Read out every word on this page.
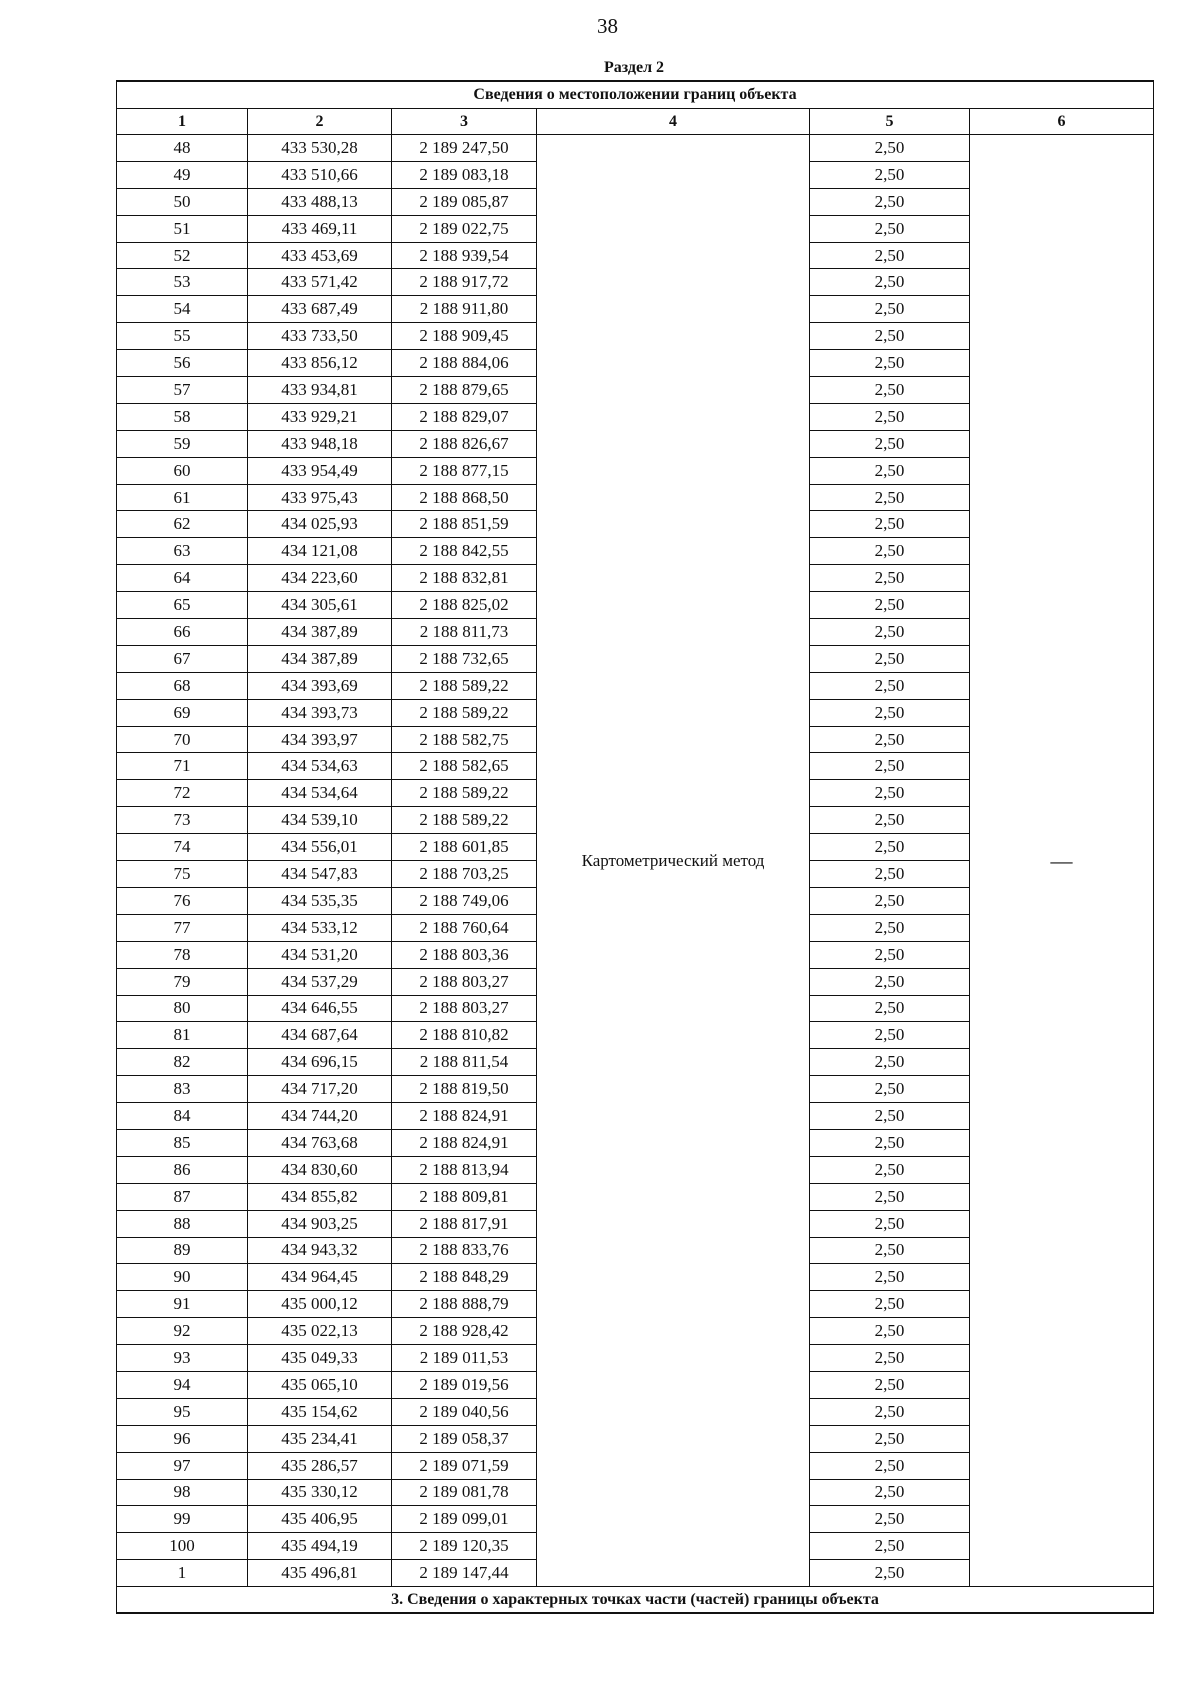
38
Раздел 2
Сведения о местоположении границ объекта					
1	2	3	4	5	6
48	433 530,28	2 189 247,50	Картометрический метод	2,50	—
49	433 510,66	2 189 083,18		2,50	
50	433 488,13	2 189 085,87		2,50	
51	433 469,11	2 189 022,75		2,50	
52	433 453,69	2 188 939,54		2,50	
53	433 571,42	2 188 917,72		2,50	
54	433 687,49	2 188 911,80		2,50	
55	433 733,50	2 188 909,45		2,50	
56	433 856,12	2 188 884,06		2,50	
57	433 934,81	2 188 879,65		2,50	
58	433 929,21	2 188 829,07		2,50	
59	433 948,18	2 188 826,67		2,50	
60	433 954,49	2 188 877,15		2,50	
61	433 975,43	2 188 868,50		2,50	
62	434 025,93	2 188 851,59		2,50	
63	434 121,08	2 188 842,55		2,50	
64	434 223,60	2 188 832,81		2,50	
65	434 305,61	2 188 825,02		2,50	
66	434 387,89	2 188 811,73		2,50	
67	434 387,89	2 188 732,65		2,50	
68	434 393,69	2 188 589,22		2,50	
69	434 393,73	2 188 589,22		2,50	
70	434 393,97	2 188 582,75		2,50	
71	434 534,63	2 188 582,65		2,50	
72	434 534,64	2 188 589,22		2,50	
73	434 539,10	2 188 589,22		2,50	
74	434 556,01	2 188 601,85		2,50	
75	434 547,83	2 188 703,25		2,50	
76	434 535,35	2 188 749,06		2,50	
77	434 533,12	2 188 760,64		2,50	
78	434 531,20	2 188 803,36		2,50	
79	434 537,29	2 188 803,27		2,50	
80	434 646,55	2 188 803,27		2,50	
81	434 687,64	2 188 810,82		2,50	
82	434 696,15	2 188 811,54		2,50	
83	434 717,20	2 188 819,50		2,50	
84	434 744,20	2 188 824,91		2,50	
85	434 763,68	2 188 824,91		2,50	
86	434 830,60	2 188 813,94		2,50	
87	434 855,82	2 188 809,81		2,50	
88	434 903,25	2 188 817,91		2,50	
89	434 943,32	2 188 833,76		2,50	
90	434 964,45	2 188 848,29		2,50	
91	435 000,12	2 188 888,79		2,50	
92	435 022,13	2 188 928,42		2,50	
93	435 049,33	2 189 011,53		2,50	
94	435 065,10	2 189 019,56		2,50	
95	435 154,62	2 189 040,56		2,50	
96	435 234,41	2 189 058,37		2,50	
97	435 286,57	2 189 071,59		2,50	
98	435 330,12	2 189 081,78		2,50	
99	435 406,95	2 189 099,01		2,50	
100	435 494,19	2 189 120,35		2,50	
1	435 496,81	2 189 147,44		2,50	
3. Сведения о характерных точках части (частей) границы объекта					
